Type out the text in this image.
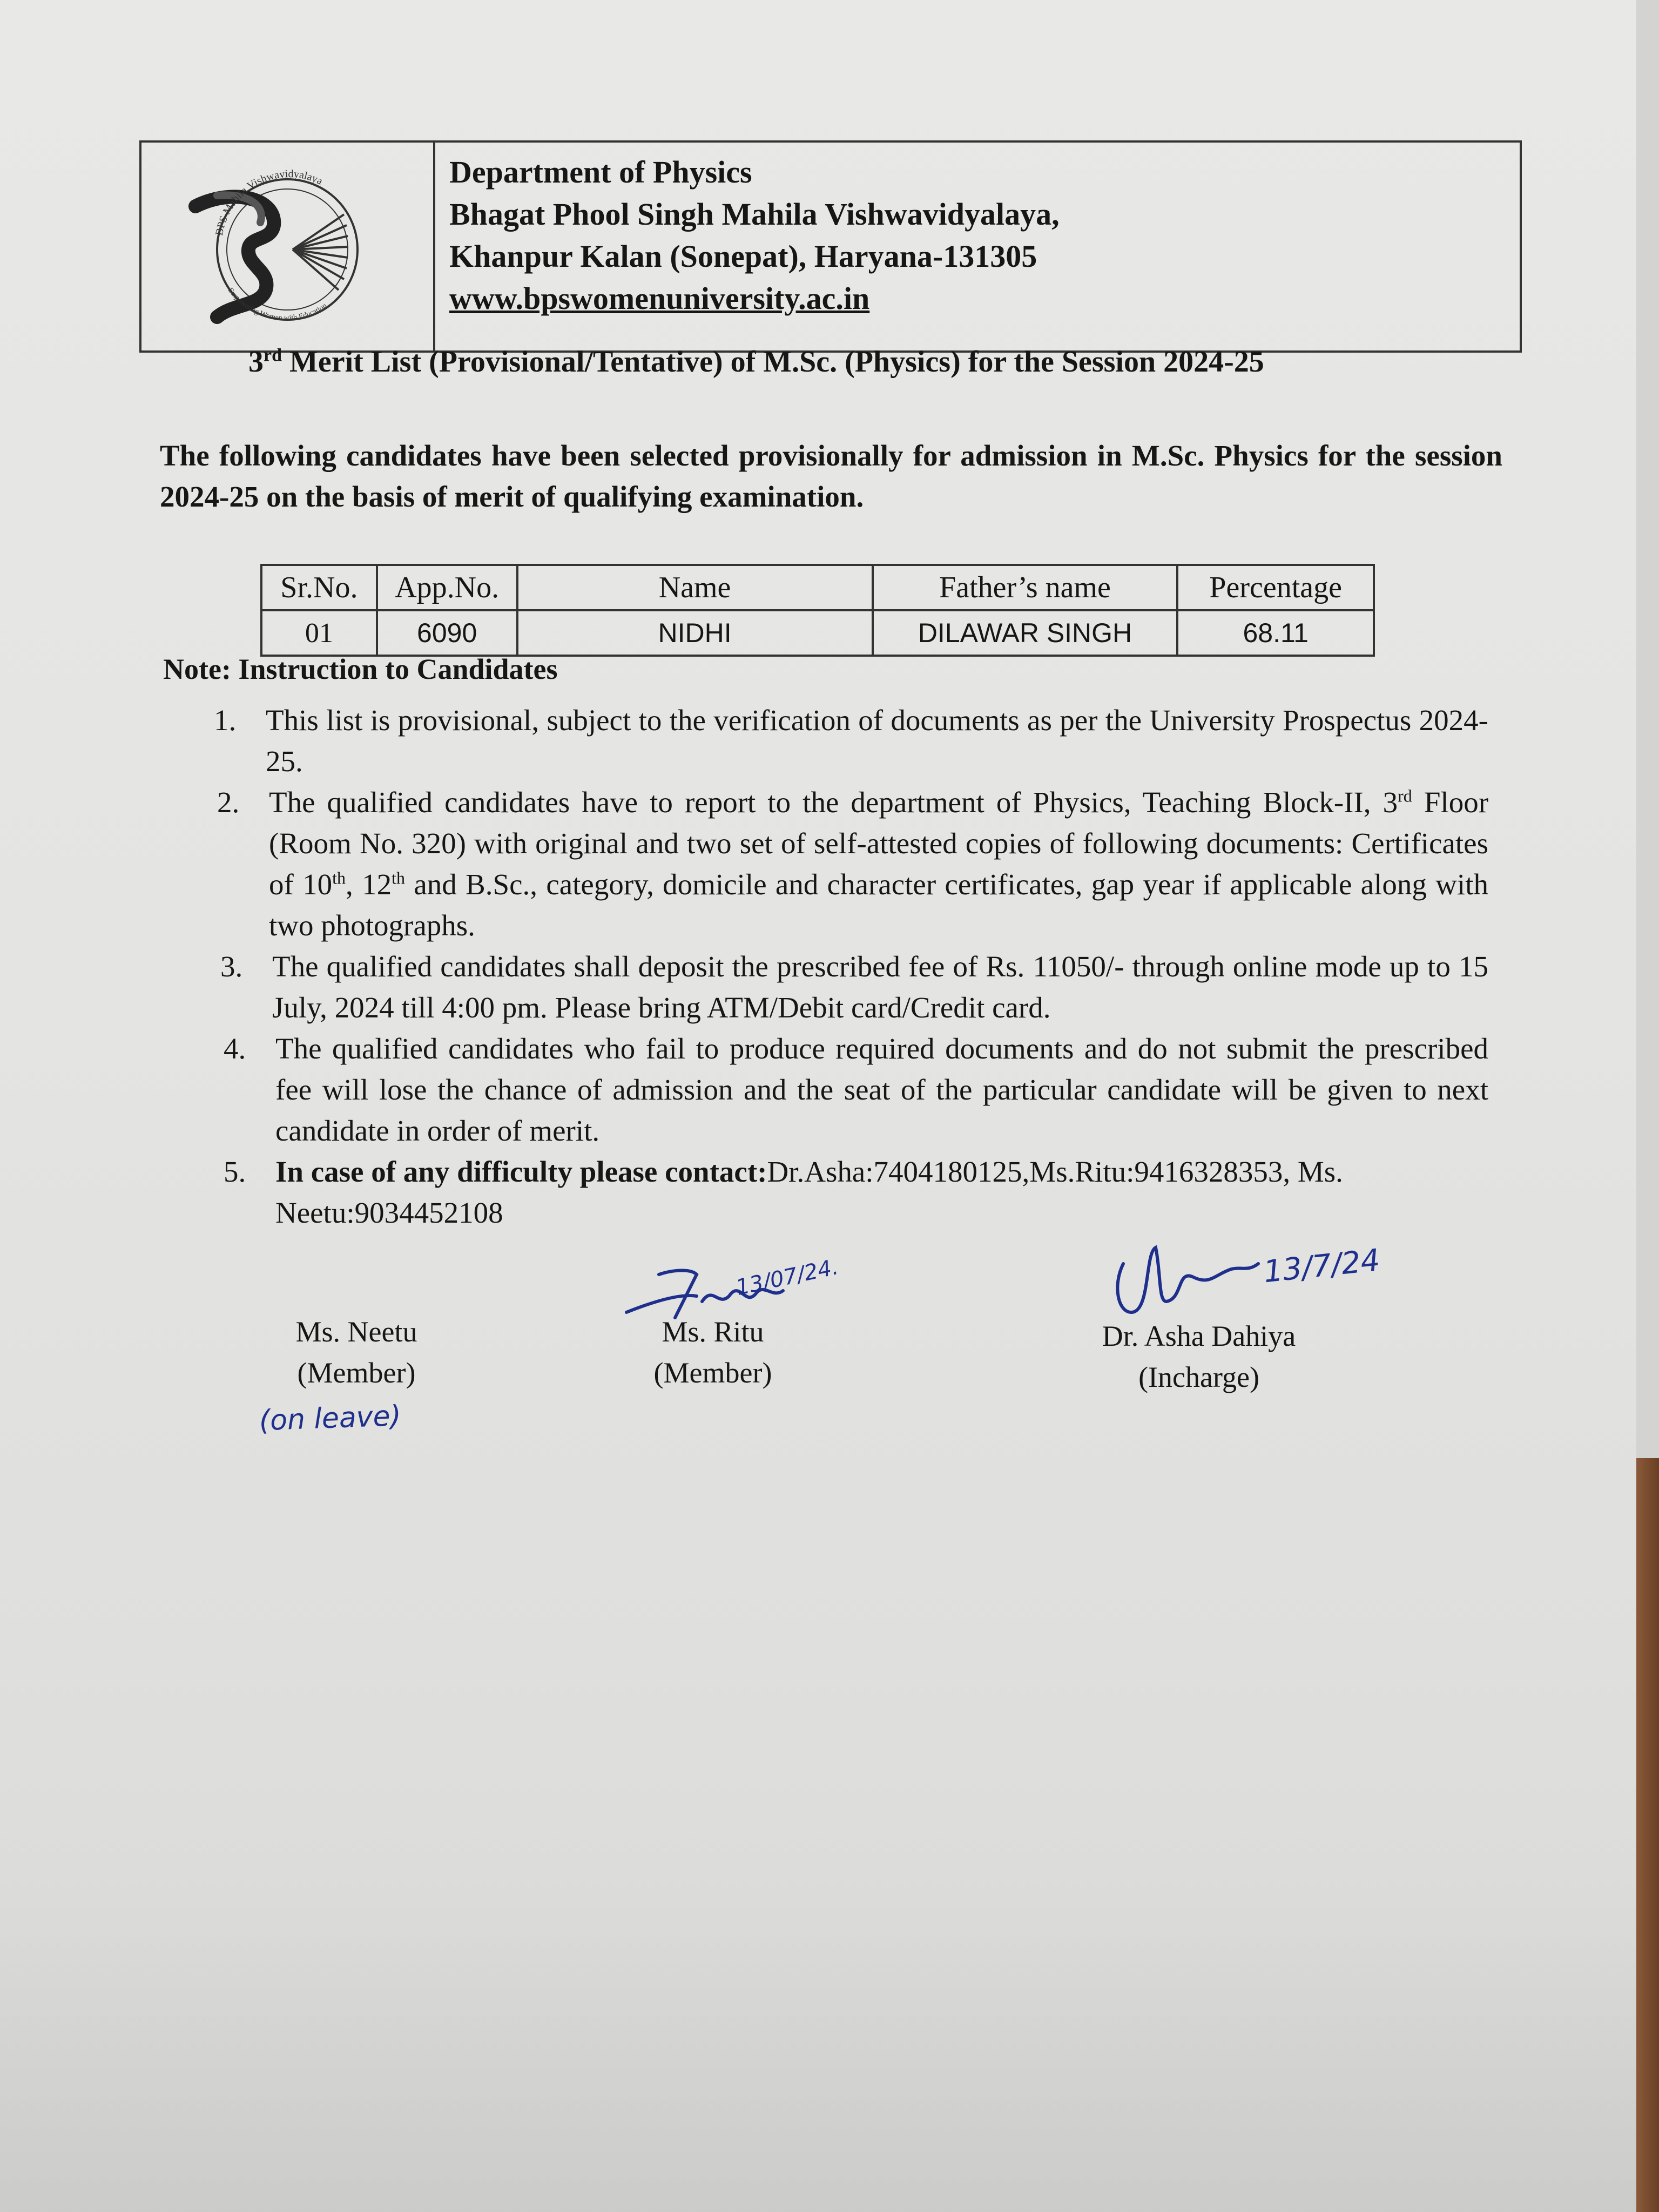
BPS Mahila Vishwavidyalaya
Empowering Women with Education
Department of Physics
Bhagat Phool Singh Mahila Vishwavidyalaya,
Khanpur Kalan (Sonepat), Haryana-131305
www.bpswomenuniversity.ac.in
3rd Merit List (Provisional/Tentative) of M.Sc. (Physics) for the Session 2024-25
The following candidates have been selected provisionally for admission in M.Sc. Physics for the session 2024-25 on the basis of merit of qualifying examination.
Sr.No.	App.No.	Name	Father’s name	Percentage
01	6090	NIDHI	DILAWAR SINGH	68.11
Note: Instruction to Candidates
1. This list is provisional, subject to the verification of documents as per the University Prospectus 2024-25.
2. The qualified candidates have to report to the department of Physics, Teaching Block-II, 3rd Floor (Room No. 320) with original and two set of self-attested copies of following documents: Certificates of 10th, 12th and B.Sc., category, domicile and character certificates, gap year if applicable along with two photographs.
3. The qualified candidates shall deposit the prescribed fee of Rs. 11050/- through online mode up to 15 July, 2024 till 4:00 pm. Please bring ATM/Debit card/Credit card.
4. The qualified candidates who fail to produce required documents and do not submit the prescribed fee will lose the chance of admission and the seat of the particular candidate will be given to next candidate in order of merit.
5. In case of any difficulty please contact:Dr.Asha:7404180125,Ms.Ritu:9416328353, Ms. Neetu:9034452108
Ms. Neetu
(Member)
(on leave)
13/07/24.
Ms. Ritu
(Member)
13/7/24
Dr. Asha Dahiya
(Incharge)
